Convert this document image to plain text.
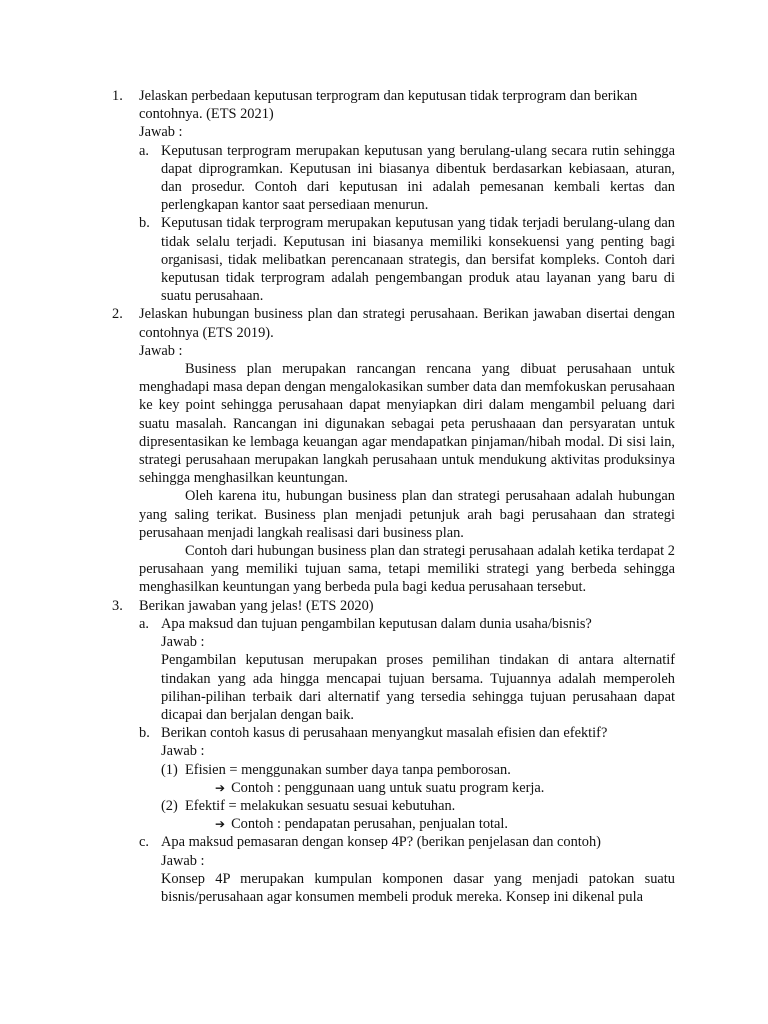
1. Jelaskan perbedaan keputusan terprogram dan keputusan tidak terprogram dan berikan contohnya. (ETS 2021)
Jawab :
a. Keputusan terprogram merupakan keputusan yang berulang-ulang secara rutin sehingga dapat diprogramkan. Keputusan ini biasanya dibentuk berdasarkan kebiasaan, aturan, dan prosedur. Contoh dari keputusan ini adalah pemesanan kembali kertas dan perlengkapan kantor saat persediaan menurun.
b. Keputusan tidak terprogram merupakan keputusan yang tidak terjadi berulang-ulang dan tidak selalu terjadi. Keputusan ini biasanya memiliki konsekuensi yang penting bagi organisasi, tidak melibatkan perencanaan strategis, dan bersifat kompleks. Contoh dari keputusan tidak terprogram adalah pengembangan produk atau layanan yang baru di suatu perusahaan.
2. Jelaskan hubungan business plan dan strategi perusahaan. Berikan jawaban disertai dengan contohnya (ETS 2019).
Jawab :
Business plan merupakan rancangan rencana yang dibuat perusahaan untuk menghadapi masa depan dengan mengalokasikan sumber data dan memfokuskan perusahaan ke key point sehingga perusahaan dapat menyiapkan diri dalam mengambil peluang dari suatu masalah. Rancangan ini digunakan sebagai peta perushaaan dan persyaratan untuk dipresentasikan ke lembaga keuangan agar mendapatkan pinjaman/hibah modal. Di sisi lain, strategi perusahaan merupakan langkah perusahaan untuk mendukung aktivitas produksinya sehingga menghasilkan keuntungan.
Oleh karena itu, hubungan business plan dan strategi perusahaan adalah hubungan yang saling terikat. Business plan menjadi petunjuk arah bagi perusahaan dan strategi perusahaan menjadi langkah realisasi dari business plan.
Contoh dari hubungan business plan dan strategi perusahaan adalah ketika terdapat 2 perusahaan yang memiliki tujuan sama, tetapi memiliki strategi yang berbeda sehingga menghasilkan keuntungan yang berbeda pula bagi kedua perusahaan tersebut.
3. Berikan jawaban yang jelas! (ETS 2020)
a. Apa maksud dan tujuan pengambilan keputusan dalam dunia usaha/bisnis?
Jawab :
Pengambilan keputusan merupakan proses pemilihan tindakan di antara alternatif tindakan yang ada hingga mencapai tujuan bersama. Tujuannya adalah memperoleh pilihan-pilihan terbaik dari alternatif yang tersedia sehingga tujuan perusahaan dapat dicapai dan berjalan dengan baik.
b. Berikan contoh kasus di perusahaan menyangkut masalah efisien dan efektif?
Jawab :
(1) Efisien = menggunakan sumber daya tanpa pemborosan.
➔ Contoh : penggunaan uang untuk suatu program kerja.
(2) Efektif = melakukan sesuatu sesuai kebutuhan.
➔ Contoh : pendapatan perusahan, penjualan total.
c. Apa maksud pemasaran dengan konsep 4P? (berikan penjelasan dan contoh)
Jawab :
Konsep 4P merupakan kumpulan komponen dasar yang menjadi patokan suatu bisnis/perusahaan agar konsumen membeli produk mereka. Konsep ini dikenal pula
